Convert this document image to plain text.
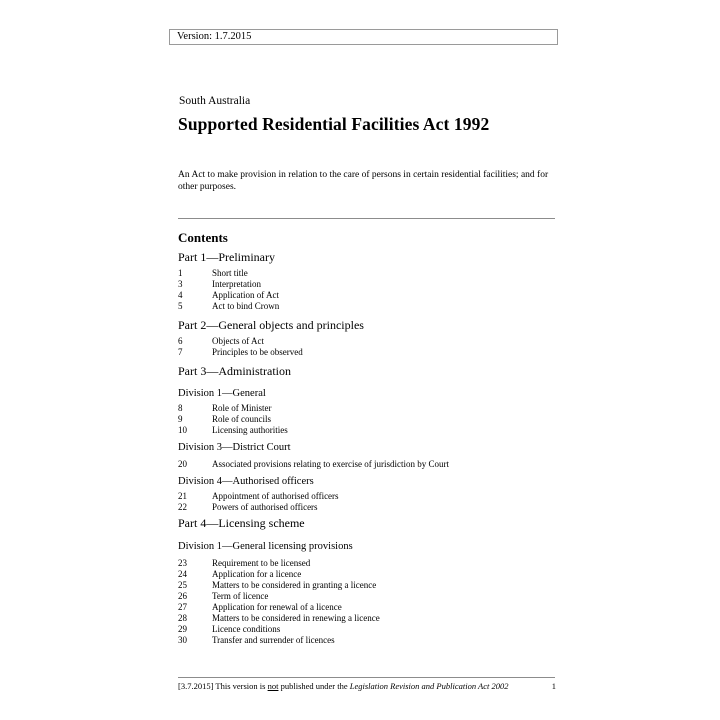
Version: 1.7.2015
South Australia
Supported Residential Facilities Act 1992
An Act to make provision in relation to the care of persons in certain residential facilities; and for other purposes.
Contents
Part 1—Preliminary
1	Short title
3	Interpretation
4	Application of Act
5	Act to bind Crown
Part 2—General objects and principles
6	Objects of Act
7	Principles to be observed
Part 3—Administration
Division 1—General
8	Role of Minister
9	Role of councils
10	Licensing authorities
Division 3—District Court
20	Associated provisions relating to exercise of jurisdiction by Court
Division 4—Authorised officers
21	Appointment of authorised officers
22	Powers of authorised officers
Part 4—Licensing scheme
Division 1—General licensing provisions
23	Requirement to be licensed
24	Application for a licence
25	Matters to be considered in granting a licence
26	Term of licence
27	Application for renewal of a licence
28	Matters to be considered in renewing a licence
29	Licence conditions
30	Transfer and surrender of licences
[3.7.2015] This version is not published under the Legislation Revision and Publication Act 2002	1
